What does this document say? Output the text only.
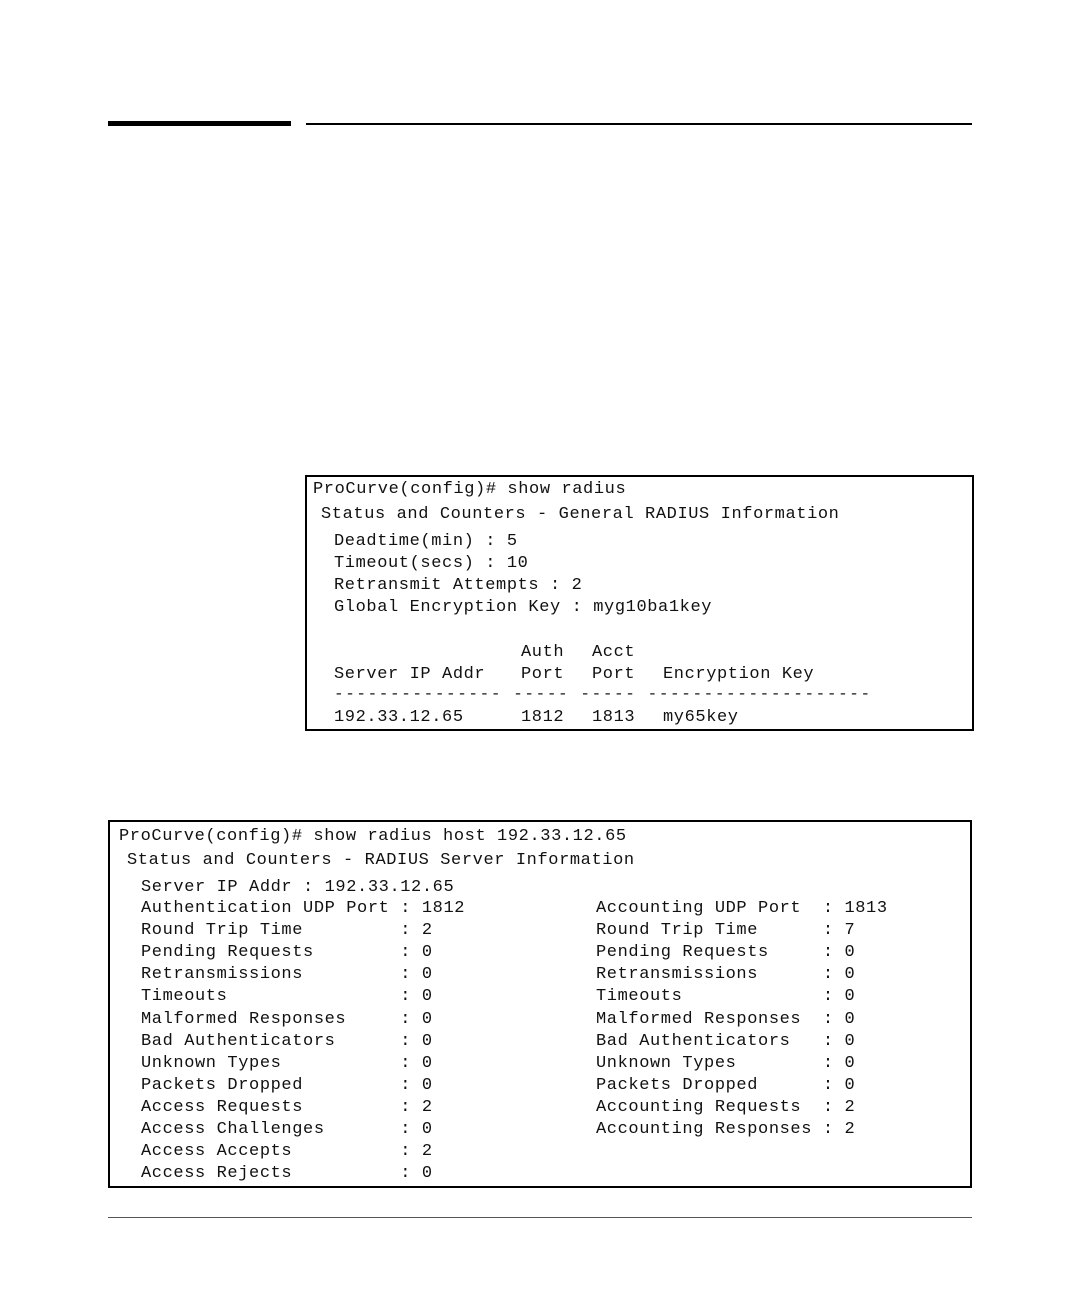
ProCurve(config)# show radius
Status and Counters - General RADIUS Information
Deadtime(min) : 5
Timeout(secs) : 10
Retransmit Attempts : 2
Global Encryption Key : myg10ba1key
Auth Acct
Server IP Addr Port Port Encryption Key
--------------- ----- ----- --------------------
192.33.12.65	1812 1813 my65key
ProCurve(config)# show radius host 192.33.12.65
Status and Counters - RADIUS Server Information
Server IP Addr : 192.33.12.65
Authentication UDP Port : 1812
Round Trip Time         : 2
Pending Requests        : 0
Retransmissions         : 0
Timeouts                : 0
Malformed Responses     : 0
Bad Authenticators      : 0
Unknown Types           : 0
Packets Dropped         : 0
Access Requests         : 2
Access Challenges       : 0
Access Accepts          : 2
Access Rejects          : 0
Accounting UDP Port  : 1813
Round Trip Time      : 7
Pending Requests     : 0
Retransmissions      : 0
Timeouts             : 0
Malformed Responses  : 0
Bad Authenticators   : 0
Unknown Types        : 0
Packets Dropped      : 0
Accounting Requests  : 2
Accounting Responses : 2
